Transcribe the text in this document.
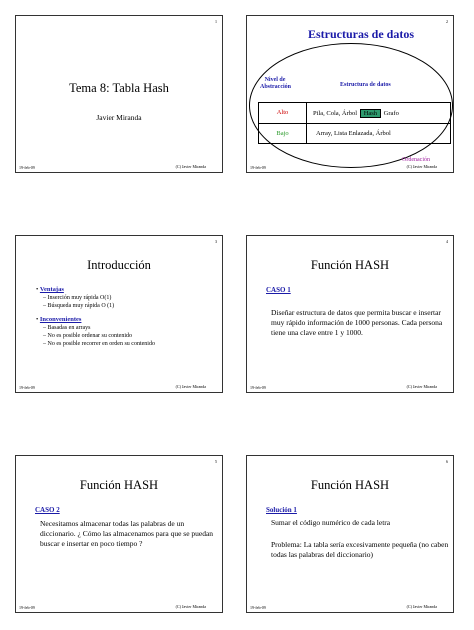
1
Tema 8: Tabla Hash
Javier Miranda
19-feb-09	(C) Javier Miranda
2
Estructuras de datos
Nivel de Abstracción	Estructura de datos
Alto	Pila, Cola, Árbol Hash Grafo
Bajo	Array, Lista Enlazada, Árbol
Ordenación
19-feb-09	(C) Javier Miranda
3
Introducción
• Ventajas
– Inserción muy rápida O(1)
– Búsqueda muy rápida O (1)
• Inconvenientes
– Basadas en arrays
– No es posible ordenar su contenido
– No es posible recorrer en orden su contenido
19-feb-09	(C) Javier Miranda
4
Función HASH
CASO 1
Diseñar estructura de datos que permita buscar e insertar muy rápido información de 1000 personas. Cada persona tiene una clave entre 1 y 1000.
19-feb-09	(C) Javier Miranda
5
Función HASH
CASO 2
Necesitamos almacenar todas las palabras de un diccionario. ¿ Cómo las almacenamos para que se puedan buscar e insertar en poco tiempo ?
19-feb-09	(C) Javier Miranda
6
Función HASH
Solución 1
Sumar el código numérico de cada letra
Problema: La tabla sería excesivamente pequeña (no caben todas las palabras del diccionario)
19-feb-09	(C) Javier Miranda
